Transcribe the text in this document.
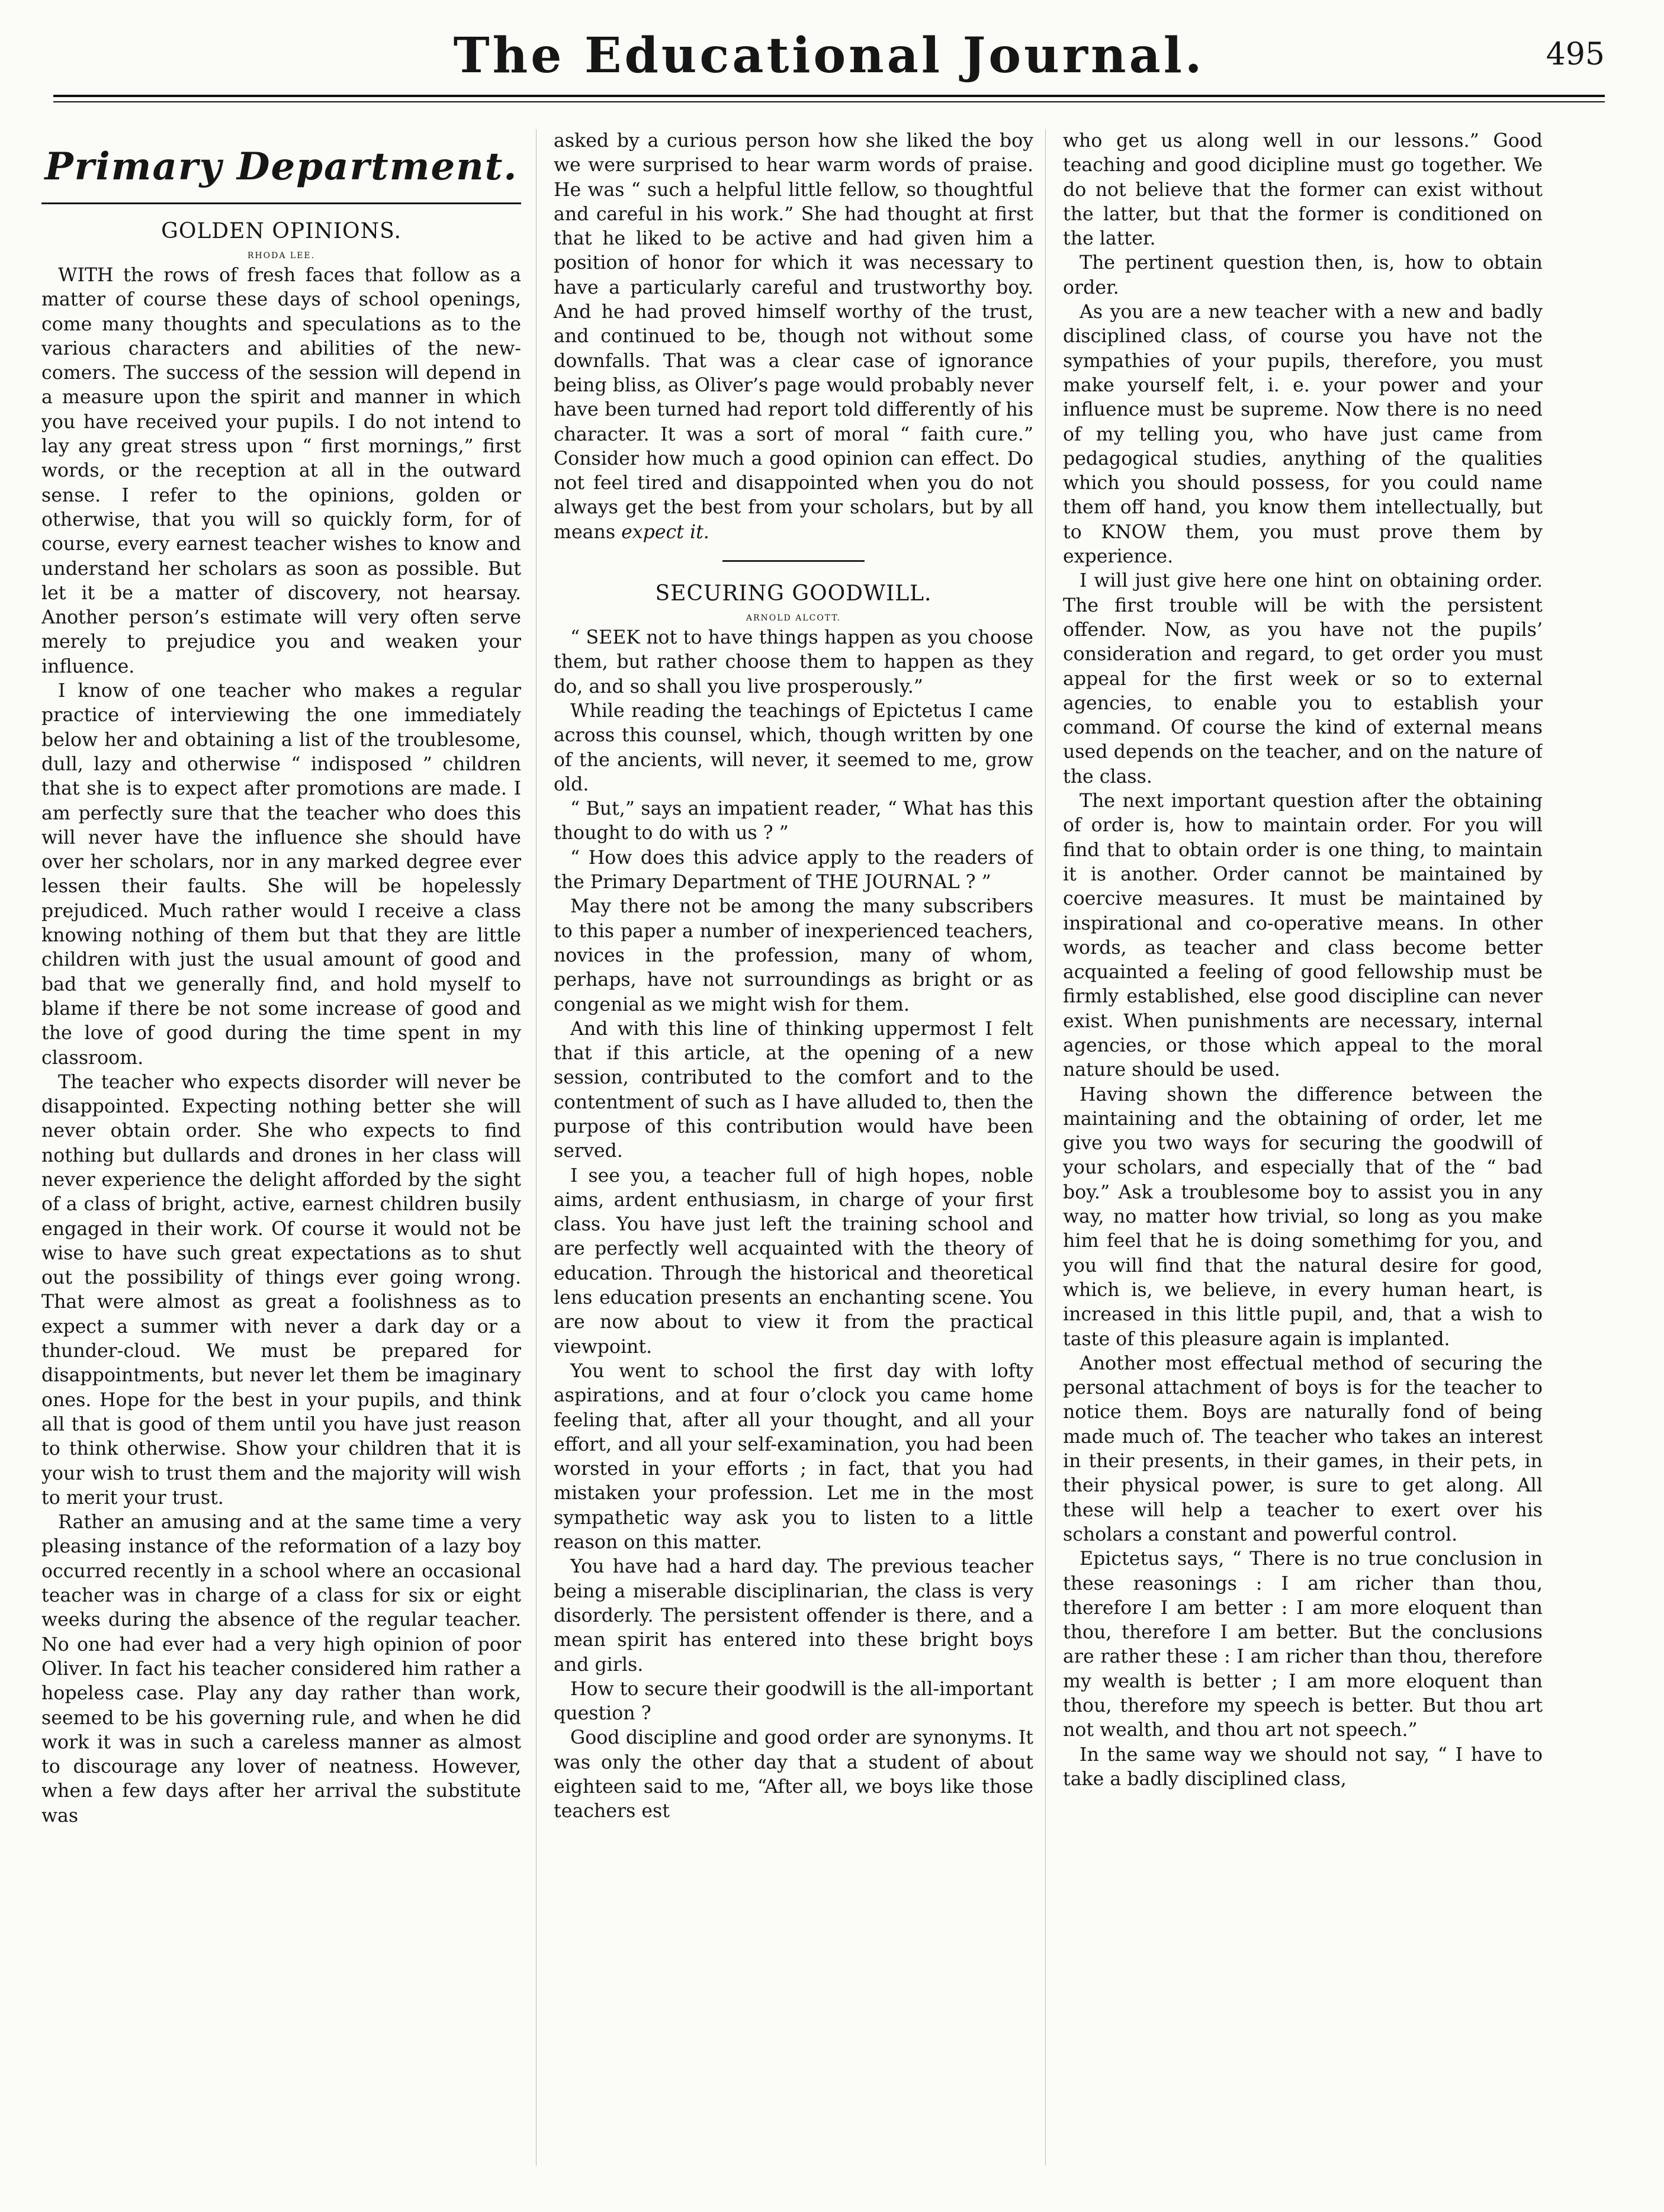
The Educational Journal.	495
Primary Department.
GOLDEN OPINIONS.
RHODA LEE.

WITH the rows of fresh faces that follow as a matter of course these days of school openings, come many thoughts and speculations as to the various characters and abilities of the new-comers. The success of the session will depend in a measure upon the spirit and manner in which you have received your pupils. I do not intend to lay any great stress upon “ first mornings,” first words, or the reception at all in the outward sense. I refer to the opinions, golden or otherwise, that you will so quickly form, for of course, every earnest teacher wishes to know and understand her scholars as soon as possible. But let it be a matter of discovery, not hearsay. Another person’s estimate will very often serve merely to prejudice you and weaken your influence.

I know of one teacher who makes a regular practice of interviewing the one immediately below her and obtaining a list of the troublesome, dull, lazy and otherwise “ indisposed ” children that she is to expect after promotions are made. I am perfectly sure that the teacher who does this will never have the influence she should have over her scholars, nor in any marked degree ever lessen their faults. She will be hopelessly prejudiced. Much rather would I receive a class knowing nothing of them but that they are little children with just the usual amount of good and bad that we generally find, and hold myself to blame if there be not some increase of good and the love of good during the time spent in my classroom.

The teacher who expects disorder will never be disappointed. Expecting nothing better she will never obtain order. She who expects to find nothing but dullards and drones in her class will never experience the delight afforded by the sight of a class of bright, active, earnest children busily engaged in their work. Of course it would not be wise to have such great expectations as to shut out the possibility of things ever going wrong. That were almost as great a foolishness as to expect a summer with never a dark day or a thunder-cloud. We must be prepared for disappointments, but never let them be imaginary ones. Hope for the best in your pupils, and think all that is good of them until you have just reason to think otherwise. Show your children that it is your wish to trust them and the majority will wish to merit your trust.

Rather an amusing and at the same time a very pleasing instance of the reformation of a lazy boy occurred recently in a school where an occasional teacher was in charge of a class for six or eight weeks during the absence of the regular teacher. No one had ever had a very high opinion of poor Oliver. In fact his teacher considered him rather a hopeless case. Play any day rather than work, seemed to be his governing rule, and when he did work it was in such a careless manner as almost to discourage any lover of neatness. However, when a few days after her arrival the substitute was

asked by a curious person how she liked the boy we were surprised to hear warm words of praise. He was “ such a helpful little fellow, so thoughtful and careful in his work.” She had thought at first that he liked to be active and had given him a position of honor for which it was necessary to have a particularly careful and trustworthy boy. And he had proved himself worthy of the trust, and continued to be, though not without some downfalls. That was a clear case of ignorance being bliss, as Oliver’s page would probably never have been turned had report told differently of his character. It was a sort of moral “ faith cure.” Consider how much a good opinion can effect. Do not feel tired and disappointed when you do not always get the best from your scholars, but by all means expect it.

SECURING GOODWILL.
ARNOLD ALCOTT.

“ SEEK not to have things happen as you choose them, but rather choose them to happen as they do, and so shall you live prosperously.”

While reading the teachings of Epictetus I came across this counsel, which, though written by one of the ancients, will never, it seemed to me, grow old.

“ But,” says an impatient reader, “ What has this thought to do with us ? ”

“ How does this advice apply to the readers of the Primary Department of THE JOURNAL ? ”

May there not be among the many subscribers to this paper a number of inexperienced teachers, novices in the profession, many of whom, perhaps, have not surroundings as bright or as congenial as we might wish for them.

And with this line of thinking uppermost I felt that if this article, at the opening of a new session, contributed to the comfort and to the contentment of such as I have alluded to, then the purpose of this contribution would have been served.

I see you, a teacher full of high hopes, noble aims, ardent enthusiasm, in charge of your first class. You have just left the training school and are perfectly well acquainted with the theory of education. Through the historical and theoretical lens education presents an enchanting scene. You are now about to view it from the practical viewpoint.

You went to school the first day with lofty aspirations, and at four o’clock you came home feeling that, after all your thought, and all your effort, and all your self-examination, you had been worsted in your efforts ; in fact, that you had mistaken your profession. Let me in the most sympathetic way ask you to listen to a little reason on this matter.

You have had a hard day. The previous teacher being a miserable disciplinarian, the class is very disorderly. The persistent offender is there, and a mean spirit has entered into these bright boys and girls.

How to secure their goodwill is the all-important question ?

Good discipline and good order are synonyms. It was only the other day that a student of about eighteen said to me, “After all, we boys like those teachers est

who get us along well in our lessons.” Good teaching and good dicipline must go together. We do not believe that the former can exist without the latter, but that the former is conditioned on the latter.

The pertinent question then, is, how to obtain order.

As you are a new teacher with a new and badly disciplined class, of course you have not the sympathies of your pupils, therefore, you must make yourself felt, i. e. your power and your influence must be supreme. Now there is no need of my telling you, who have just came from pedagogical studies, anything of the qualities which you should possess, for you could name them off hand, you know them intellectually, but to KNOW them, you must prove them by experience.

I will just give here one hint on obtaining order. The first trouble will be with the persistent offender. Now, as you have not the pupils’ consideration and regard, to get order you must appeal for the first week or so to external agencies, to enable you to establish your command. Of course the kind of external means used depends on the teacher, and on the nature of the class.

The next important question after the obtaining of order is, how to maintain order. For you will find that to obtain order is one thing, to maintain it is another. Order cannot be maintained by coercive measures. It must be maintained by inspirational and co-operative means. In other words, as teacher and class become better acquainted a feeling of good fellowship must be firmly established, else good discipline can never exist. When punishments are necessary, internal agencies, or those which appeal to the moral nature should be used.

Having shown the difference between the maintaining and the obtaining of order, let me give you two ways for securing the goodwill of your scholars, and especially that of the “ bad boy.” Ask a troublesome boy to assist you in any way, no matter how trivial, so long as you make him feel that he is doing somethimg for you, and you will find that the natural desire for good, which is, we believe, in every human heart, is increased in this little pupil, and, that a wish to taste of this pleasure again is implanted.

Another most effectual method of securing the personal attachment of boys is for the teacher to notice them. Boys are naturally fond of being made much of. The teacher who takes an interest in their presents, in their games, in their pets, in their physical power, is sure to get along. All these will help a teacher to exert over his scholars a constant and powerful control.

Epictetus says, “ There is no true conclusion in these reasonings : I am richer than thou, therefore I am better : I am more eloquent than thou, therefore I am better. But the conclusions are rather these : I am richer than thou, therefore my wealth is better ; I am more eloquent than thou, therefore my speech is better. But thou art not wealth, and thou art not speech.”

In the same way we should not say, “ I have to take a badly disciplined class,
